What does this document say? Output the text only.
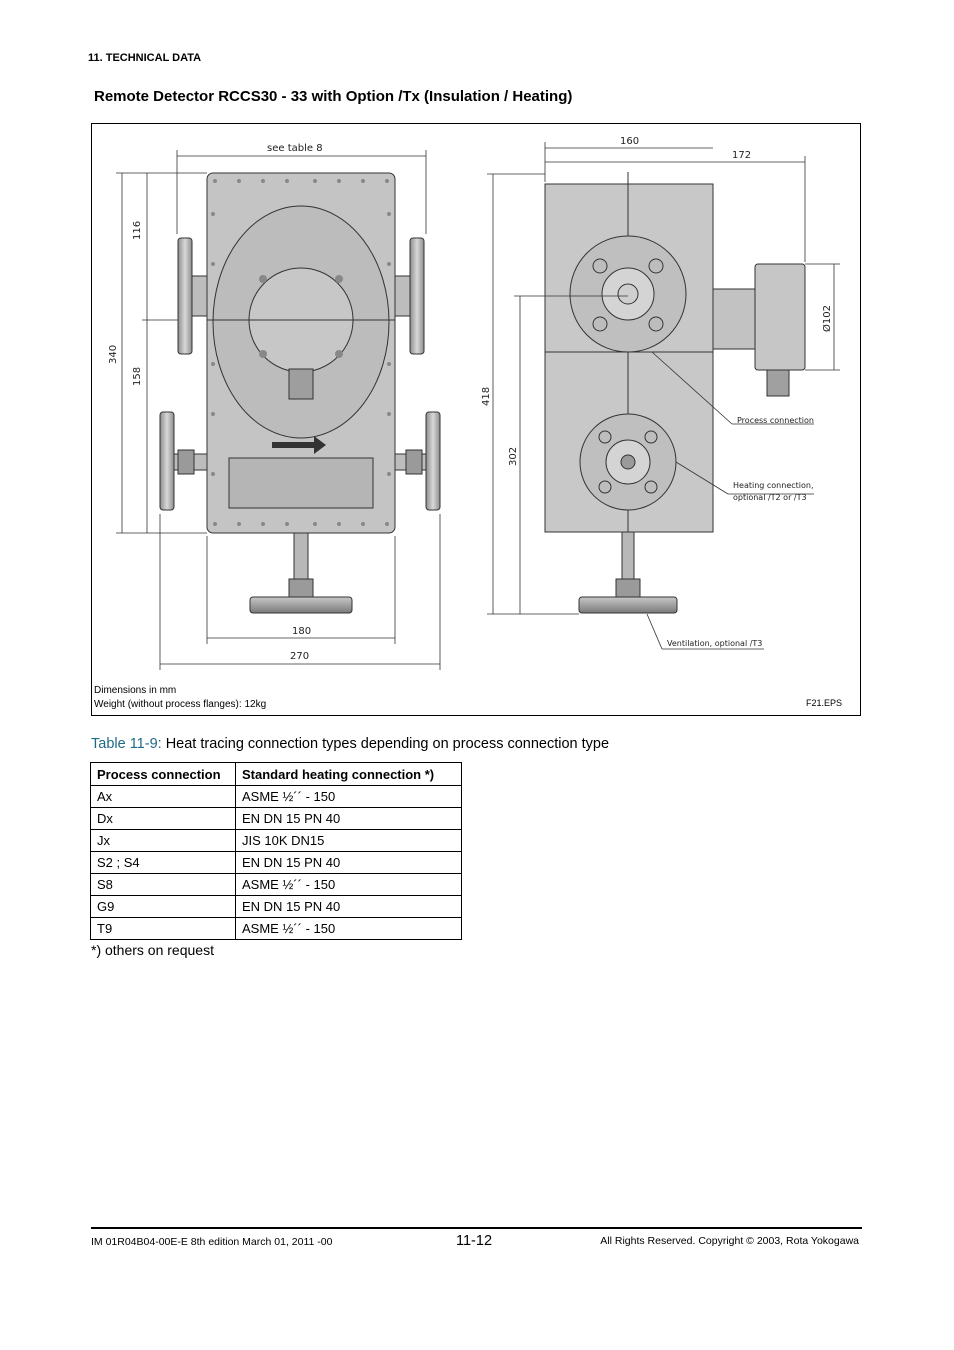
11. TECHNICAL DATA
Remote Detector RCCS30 - 33 with Option /Tx (Insulation / Heating)
see table 8
116
340
158
180
270
160
172
418
302
Ø102
Process connection
Heating connection,
optional /T2 or /T3
Ventilation, optional /T3
Dimensions in mm
Weight (without process flanges): 12kg	F21.EPS
Table 11-9: Heat tracing connection types depending on process connection type
Process connection	Standard heating connection *)
Ax	ASME ½´´ - 150
Dx	EN DN 15 PN 40
Jx	JIS 10K DN15
S2 ; S4	EN DN 15 PN 40
S8	ASME ½´´ - 150
G9	EN DN 15 PN 40
T9	ASME ½´´ - 150
*) others on request
IM 01R04B04-00E-E 8th edition March 01, 2011 -00	11-12	All Rights Reserved. Copyright © 2003, Rota Yokogawa
